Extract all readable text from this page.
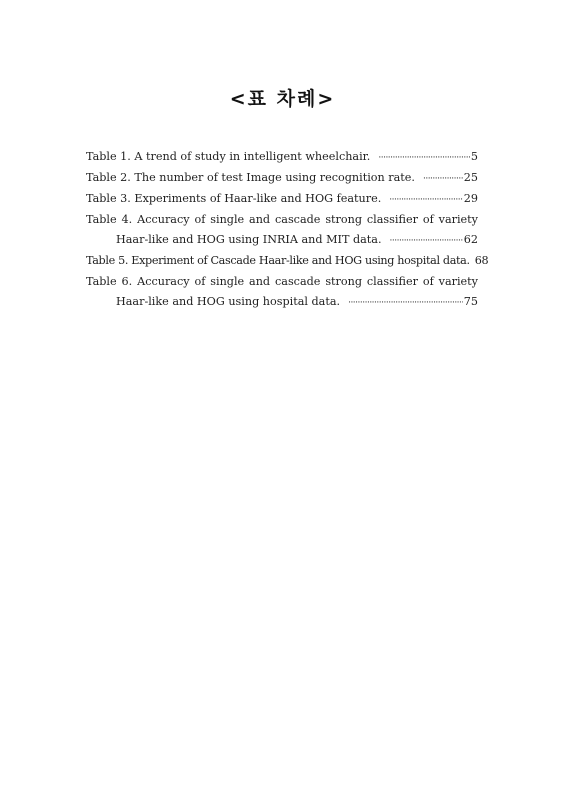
<표 차례>
Table 1. A trend of study in intelligent wheelchair. ·····	5
Table 2. The number of test Image using recognition rate. ·····	25
Table 3. Experiments of Haar-like and HOG feature. ·····	29
Table 4. Accuracy of single and cascade strong classifier of variety
Haar-like and HOG using INRIA and MIT data. ·····	62
Table 5. Experiment of Cascade Haar-like and HOG using hospital data. 68
Table 6. Accuracy of single and cascade strong classifier of variety
Haar-like and HOG using hospital data. ·····	75
